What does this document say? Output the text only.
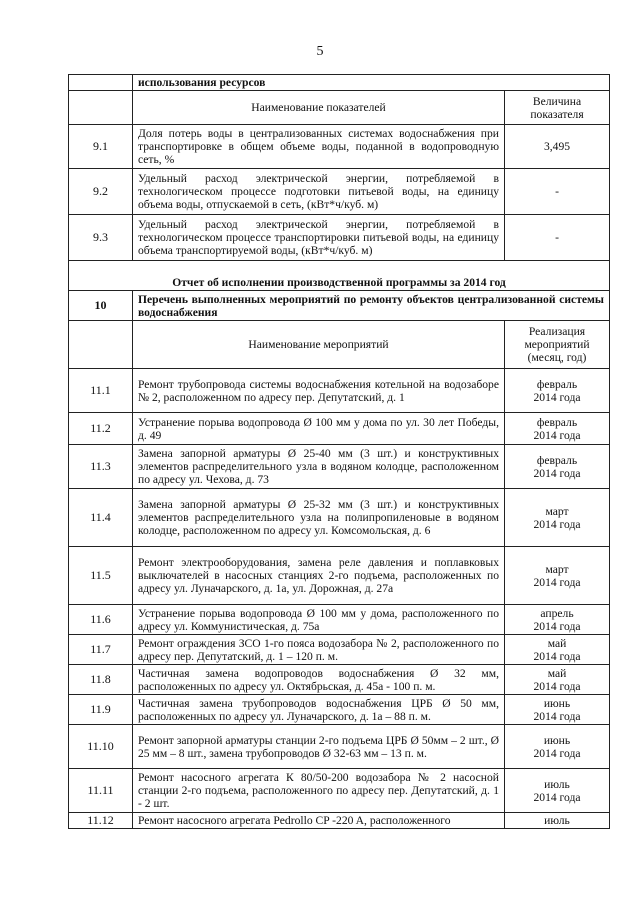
5
	использования ресурсов	
	Наименование показателей	Величина показателя
9.1	Доля потерь воды в централизованных системах водоснабжения при транспортировке в общем объеме воды, поданной в водопроводную сеть, %	3,495
9.2	Удельный расход электрической энергии, потребляемой в технологическом процессе подготовки питьевой воды, на единицу объема воды, отпускаемой в сеть, (кВт*ч/куб. м)	-
9.3	Удельный расход электрической энергии, потребляемой в технологическом процессе транспортировки питьевой воды, на единицу объема транспортируемой воды, (кВт*ч/куб. м)	-
Отчет об исполнении производственной программы за 2014 год		
10	Перечень выполненных мероприятий по ремонту объектов централизованной системы водоснабжения	
	Наименование мероприятий	Реализация мероприятий (месяц, год)
11.1	Ремонт трубопровода системы водоснабжения котельной на водозаборе № 2, расположенном по адресу пер. Депутатский, д. 1	февраль
2014 года

11.2	Устранение порыва водопровода Ø 100 мм у дома по ул. 30 лет Победы, д. 49	февраль
2014 года

11.3	Замена запорной арматуры Ø 25-40 мм (3 шт.) и конструктивных элементов распределительного узла в водяном колодце, расположенном по адресу ул. Чехова, д. 73	февраль
2014 года

11.4	Замена запорной арматуры Ø 25-32 мм (3 шт.) и конструктивных элементов распределительного узла на полипропиленовые в водяном колодце, расположенном по адресу ул. Комсомольская, д. 6	март
2014 года

11.5	Ремонт электрооборудования, замена реле давления и поплавковых выключателей в насосных станциях 2-го подъема, расположенных по адресу ул. Луначарского, д. 1а, ул. Дорожная, д. 27а	март
2014 года

11.6	Устранение порыва водопровода Ø 100 мм у дома, расположенного по адресу ул. Коммунистическая, д. 75а	апрель
2014 года

11.7	Ремонт ограждения ЗСО 1-го пояса водозабора № 2, расположенного по адресу пер. Депутатский, д. 1 – 120 п. м.	май
2014 года

11.8	Частичная замена водопроводов водоснабжения Ø 32 мм, расположенных по адресу ул. Октябрьская, д. 45а - 100 п. м.	май
2014 года

11.9	Частичная замена трубопроводов водоснабжения ЦРБ Ø 50 мм, расположенных по адресу ул. Луначарского, д. 1а – 88 п. м.	июнь
2014 года

11.10	Ремонт запорной арматуры станции 2-го подъема ЦРБ Ø 50мм – 2 шт., Ø 25 мм – 8 шт., замена трубопроводов Ø 32-63 мм – 13 п. м.	июнь
2014 года

11.11	Ремонт насосного агрегата К 80/50-200 водозабора № 2 насосной станции 2-го подъема, расположенного по адресу пер. Депутатский, д. 1 - 2 шт.	июль
2014 года

11.12	Ремонт насосного агрегата Pedrollo CP -220 A, расположенного	июль
